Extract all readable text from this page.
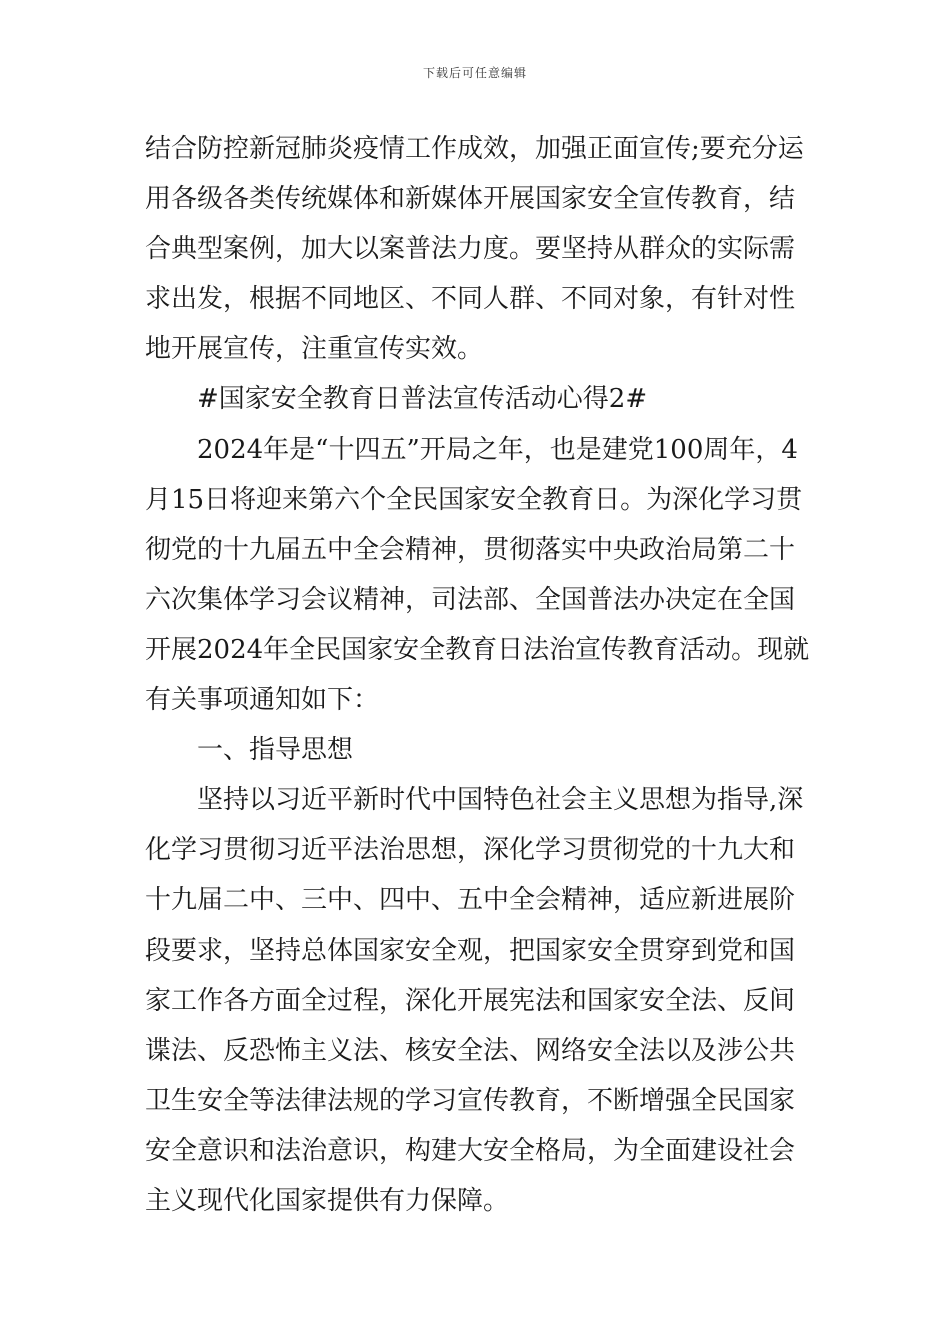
下载后可任意编辑
结合防控新冠肺炎疫情工作成效，加强正面宣传;要充分运
用各级各类传统媒体和新媒体开展国家安全宣传教育，结
合典型案例，加大以案普法力度。要坚持从群众的实际需
求出发，根据不同地区、不同人群、不同对象，有针对性
地开展宣传，注重宣传实效。
#国家安全教育日普法宣传活动心得2#
2024年是“十四五”开局之年，也是建党100周年，4
月15日将迎来第六个全民国家安全教育日。为深化学习贯
彻党的十九届五中全会精神，贯彻落实中央政治局第二十
六次集体学习会议精神，司法部、全国普法办决定在全国
开展2024年全民国家安全教育日法治宣传教育活动。现就
有关事项通知如下：
一、指导思想
坚持以习近平新时代中国特色社会主义思想为指导,深
化学习贯彻习近平法治思想，深化学习贯彻党的十九大和
十九届二中、三中、四中、五中全会精神，适应新进展阶
段要求，坚持总体国家安全观，把国家安全贯穿到党和国
家工作各方面全过程，深化开展宪法和国家安全法、反间
谍法、反恐怖主义法、核安全法、网络安全法以及涉公共
卫生安全等法律法规的学习宣传教育，不断增强全民国家
安全意识和法治意识，构建大安全格局，为全面建设社会
主义现代化国家提供有力保障。
